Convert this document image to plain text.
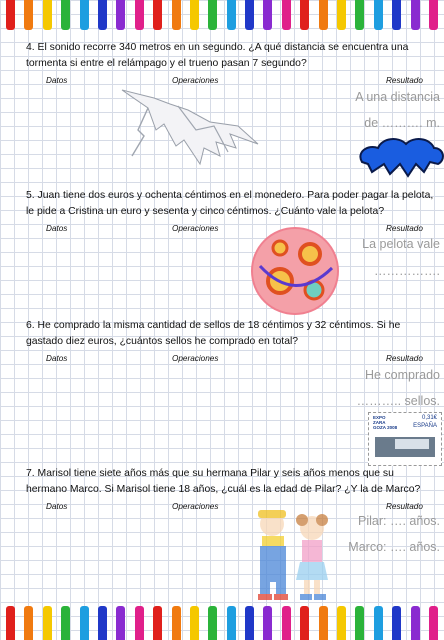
4. El sonido recorre 340 metros en un segundo. ¿A qué distancia se encuentra una tormenta si entre el relámpago y el trueno pasan 7 segundo?

Datos	Operaciones	Resultado
A una distancia
de ………. m.

5. Juan tiene dos euros y ochenta céntimos en el monedero. Para poder pagar la pelota, le pide a Cristina un euro y sesenta y cinco céntimos. ¿Cuánto vale la pelota?

Datos	Operaciones	Resultado
La pelota vale
…………….

6. He comprado la misma cantidad de sellos de 18 céntimos y 32 céntimos. Si he gastado diez euros, ¿cuántos sellos he comprado en total?

Datos	Operaciones	Resultado
He comprado
……….. sellos.
EXPO ZARA GOZA 2008
0,31€
ESPAÑA
CORREOS

7. Marisol tiene siete años más que su hermana Pilar y seis años menos que su hermano Marco. Si Marisol tiene 18 años, ¿cuál es la edad de Pilar? ¿Y la de Marco?

Datos	Operaciones	Resultado
Pilar: …. años.
Marco: …. años.
